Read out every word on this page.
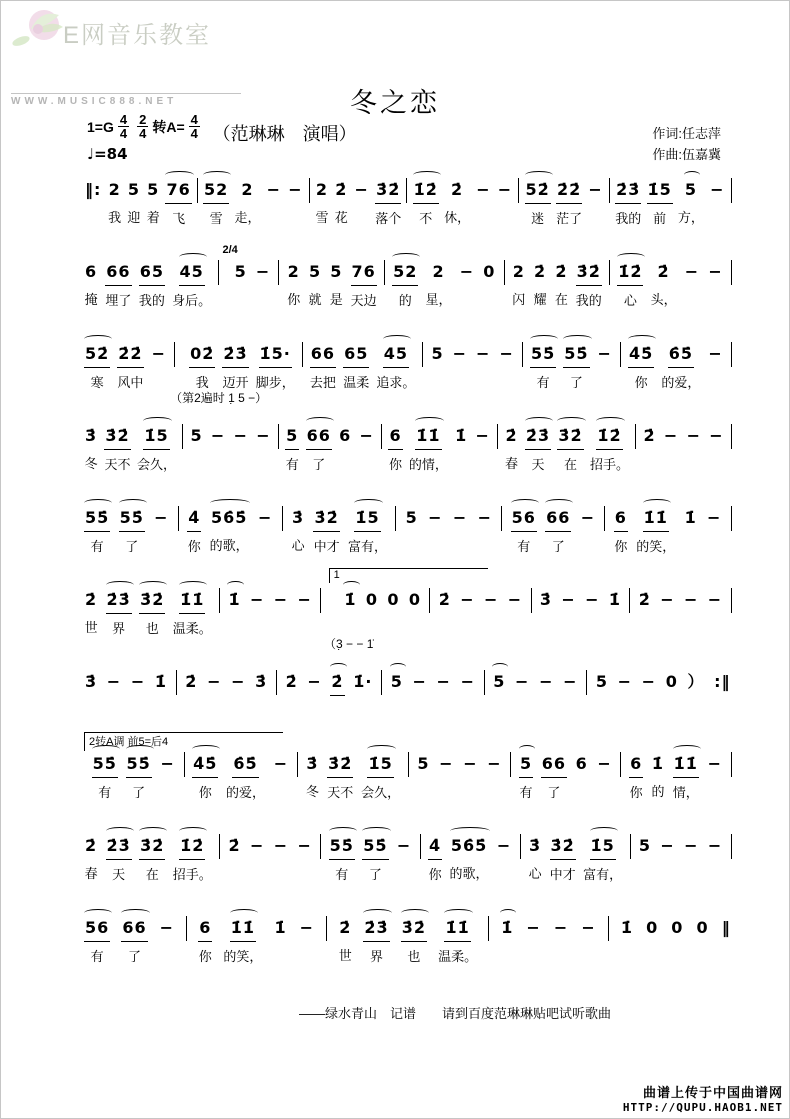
E网音乐教室
WWW.MUSIC888.NET	冬之恋
（范琳琳　演唱）	作词:任志萍
作曲:伍嘉冀
$1=G \frac{4}{4} \frac{2}{4}$ 转$A= \frac{4}{4}$
♩=84
‖:
2
我
5
迎
5
着
76
飞
52
雪
2
走，
−
−
2
雪
2̇
花
−
3̇2̇
落个
1̇2̇
不
2̇
休，
−
−
52̇
迷
2̇2̇
茫了
−
2̇3̇
我的
1̇5
前
5
方，
−

6
掩
66
埋了
65
我的
45
身后。
2/4
5
−
2
你
5
就
5
是
76
天边
52
的
2
星，
−
0
2
闪
2̇
耀
2̇
在
3̇2̇
我的
1̇2̇
心
2̇
头，
−
−

52̇
寒
2̇2̇
风中
−

（第2遍时 1̣ 5 −）
02̇
我
2̇3̇
迈开
1̇5·
脚步，
66
去把
65
温柔
45
追求。
5
−
−
−
55̇
有
55̇
了
−
4̇5̇
你
6̇5̇
的爱，
−

3̇
冬
3̇2̇
天不
1̇5
会久，
5
−
−
−
5
有
66
了
6
−
6
你
1̇1̇
的情，
1̇
−
2̇
春
2̇3̇
天
3̇2̇
在
1̇2̇
招手。
2̇
−
−
−

55̇
有
55̇
了
−
4̇
你
56̇5̇
的歌，
−
3̇
心
3̇2̇
中才
1̇5
富有，
5
−
−
−
56
有
66
了
−
6
你
1̇1̇
的笑，
1̇
−

2̇
世
2̇3̇
界
3̇2̇
也
1̇1̇
温柔。
1̇
−
−
−

1
（3̣ − − 1̇
1̇
0
0
0
2̇
−
−
−
3̇
−
−
1̇
2̇
−
−
−

3̇
−
−
1̇
2̇
−
−
3̇
2̇
−
2̇
1̇·
5
−
−
−
5
−
−
−
5
−
−
0
）
:‖

2转A调 前5=后4
55̇
有
55̇
了
−
4̇5̇
你
6̇5̇
的爱，
−
3̇
冬
3̇2̇
天不
1̇5
会久，
5
−
−
−
5
有
66
了
6
−
6
你
1̇
的
1̇1̇
情，
−

2̇
春
2̇3̇
天
3̇2̇
在
1̇2̇
招手。
2̇
−
−
−
55̇
有
55̇
了
−
4̇
你
56̇5̇
的歌，
−
3̇
心
3̇2̇
中才
1̇5
富有，
5
−
−
−

56
有
66
了
−
6
你
1̇1̇
的笑，
1̇
−
2̇
世
2̇3̇
界
3̇2̇
也
1̇1̇
温柔。
1̇
−
−
−
1̇
0
0
0
‖

——绿水青山　记谱　　请到百度范琳琳贴吧试听歌曲
曲谱上传于中国曲谱网
HTTP://QUPU.HAOB1.NET
